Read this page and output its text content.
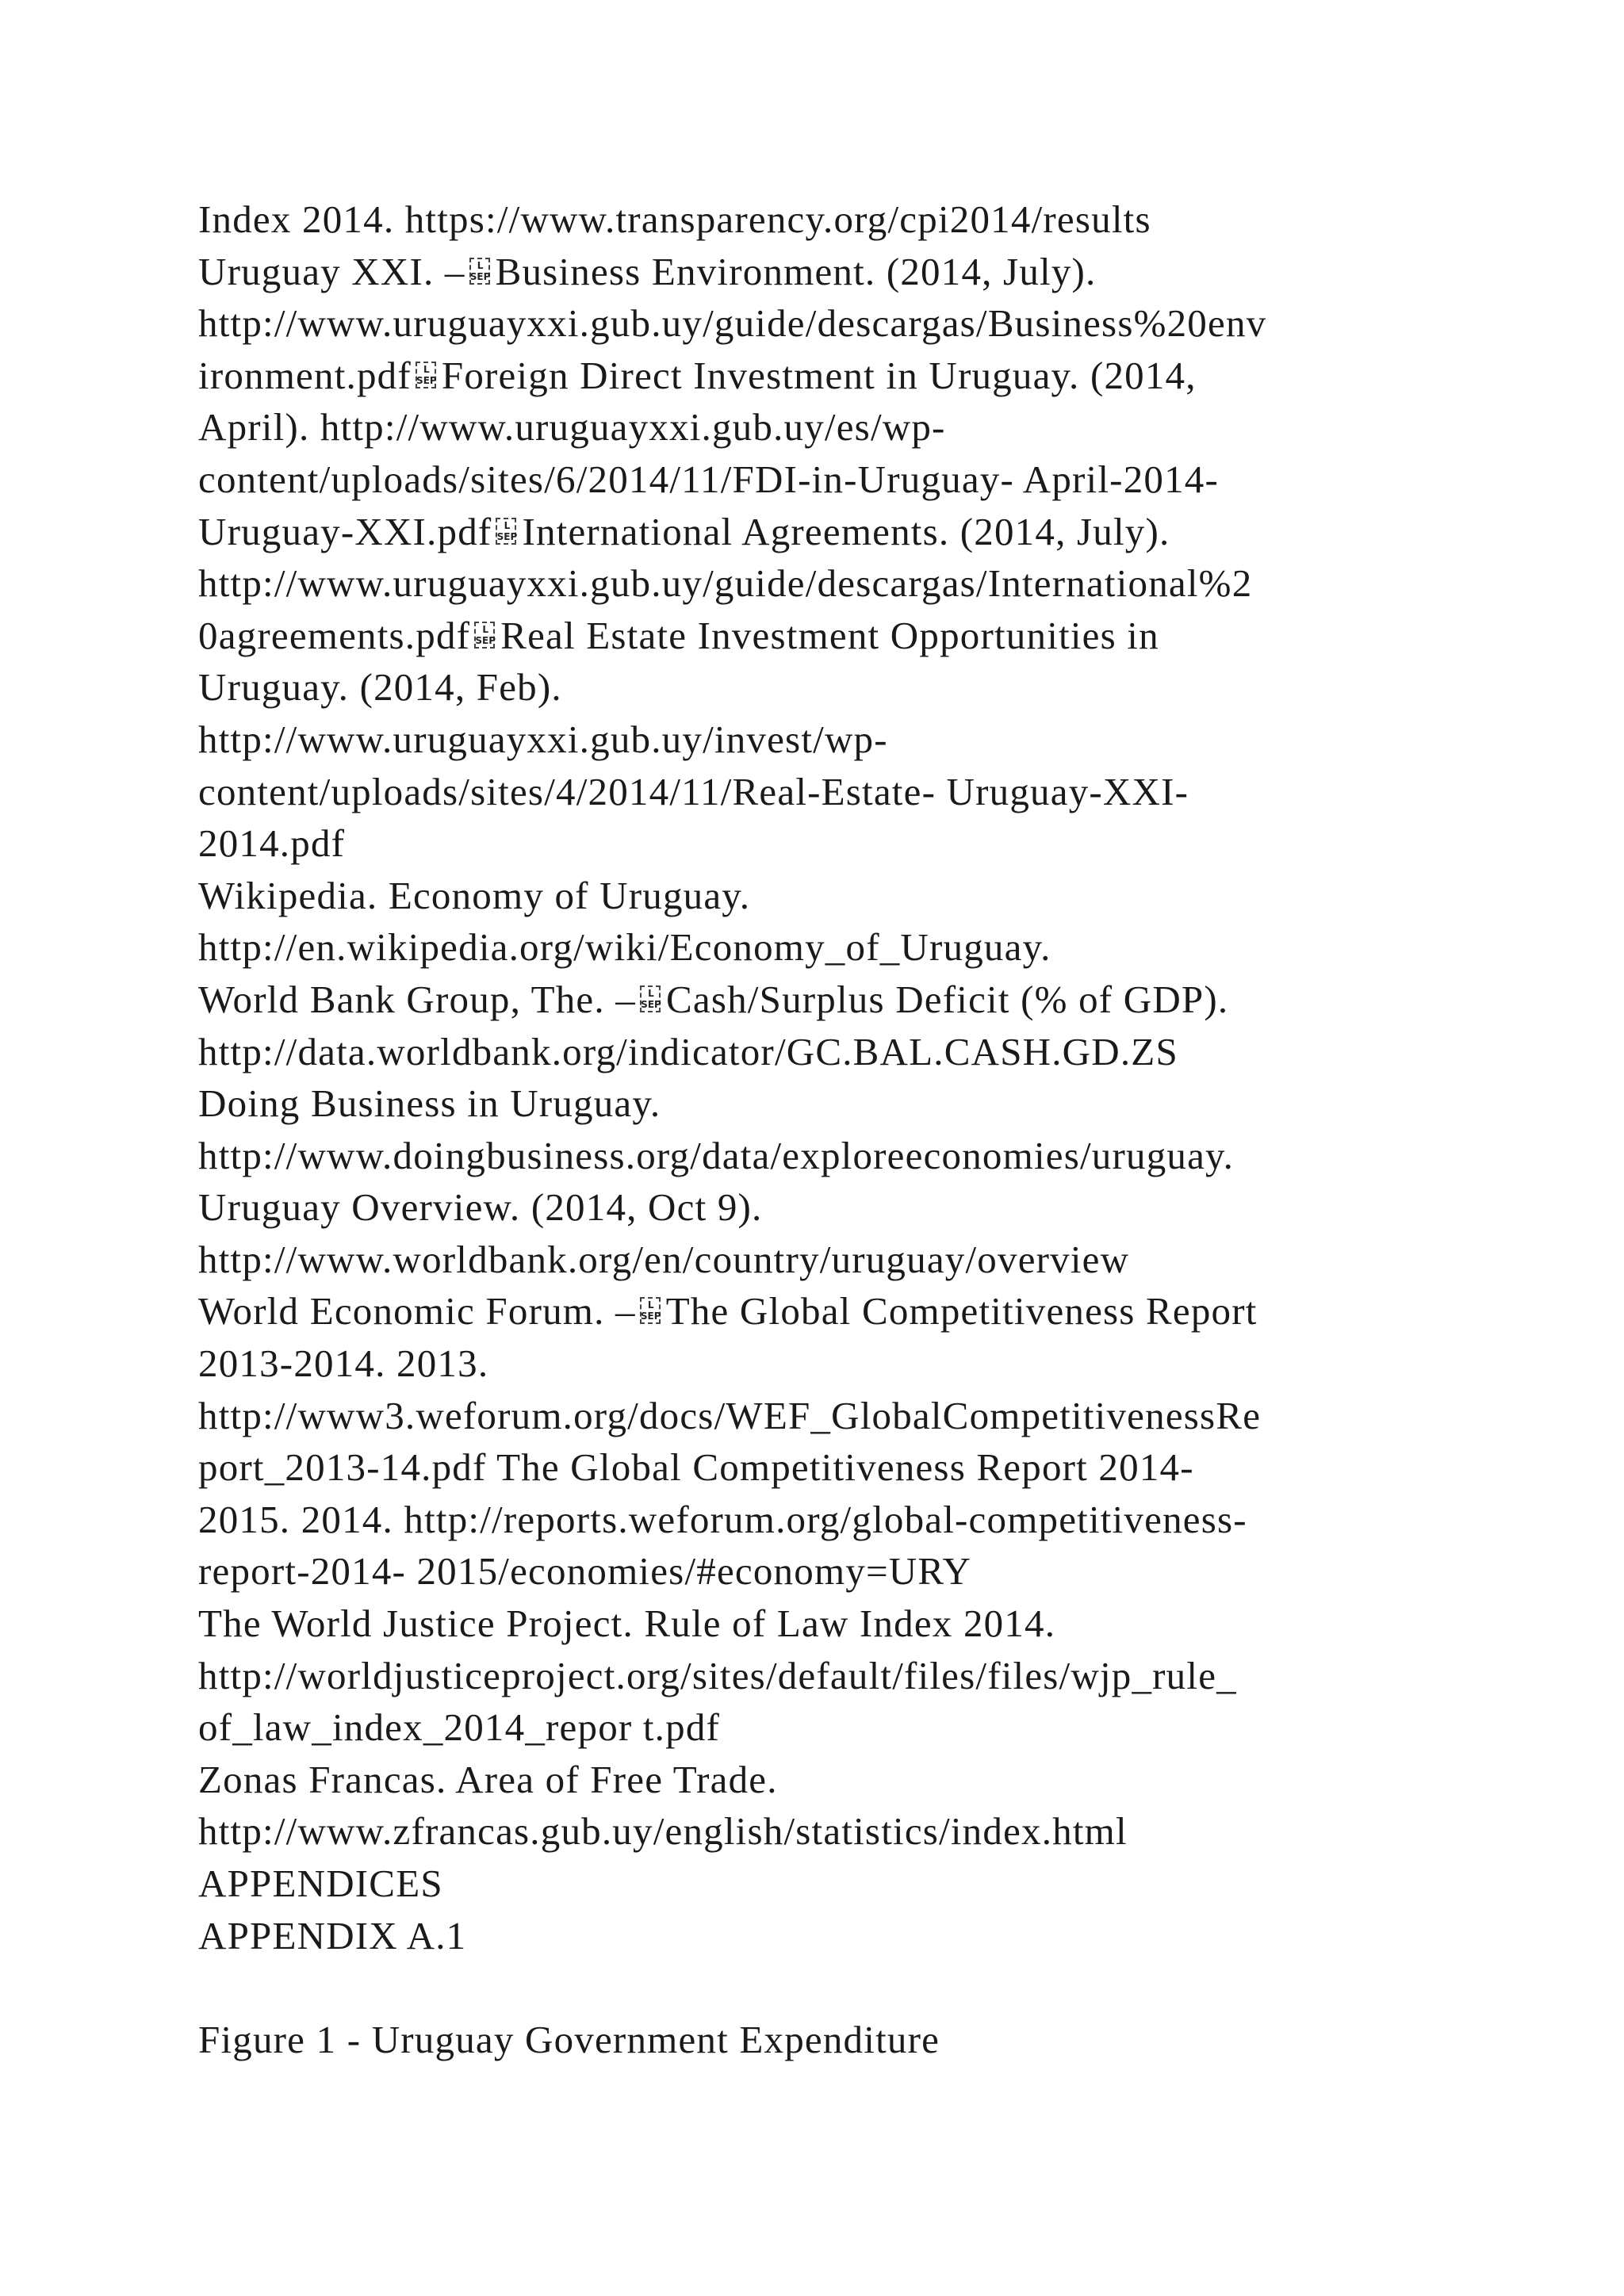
Index 2014. https://www.transparency.org/cpi2014/results
Uruguay XXI. –	L
SEP Business Environment. (2014, July).
http://www.uruguayxxi.gub.uy/guide/descargas/Business%20env
ironment.pdf	L
SEP Foreign Direct Investment in Uruguay. (2014,
April). http://www.uruguayxxi.gub.uy/es/wp-
content/uploads/sites/6/2014/11/FDI-in-Uruguay- April-2014-
Uruguay-XXI.pdf	L
SEP International Agreements. (2014, July).
http://www.uruguayxxi.gub.uy/guide/descargas/International%2
0agreements.pdf	L
SEP Real Estate Investment Opportunities in
Uruguay. (2014, Feb).
http://www.uruguayxxi.gub.uy/invest/wp-
content/uploads/sites/4/2014/11/Real-Estate- Uruguay-XXI-
2014.pdf
Wikipedia. Economy of Uruguay.
http://en.wikipedia.org/wiki/Economy_of_Uruguay.
World Bank Group, The. –	L
SEP Cash/Surplus Deficit (% of GDP).
http://data.worldbank.org/indicator/GC.BAL.CASH.GD.ZS
Doing Business in Uruguay.
http://www.doingbusiness.org/data/exploreeconomies/uruguay.
Uruguay Overview. (2014, Oct 9).
http://www.worldbank.org/en/country/uruguay/overview
World Economic Forum. –	L
SEP The Global Competitiveness Report
2013-2014. 2013.
http://www3.weforum.org/docs/WEF_GlobalCompetitivenessRe
port_2013-14.pdf The Global Competitiveness Report 2014-
2015. 2014. http://reports.weforum.org/global-competitiveness-
report-2014- 2015/economies/#economy=URY
The World Justice Project. Rule of Law Index 2014.
http://worldjusticeproject.org/sites/default/files/files/wjp_rule_
of_law_index_2014_repor t.pdf
Zonas Francas. Area of Free Trade.
http://www.zfrancas.gub.uy/english/statistics/index.html
APPENDICES
APPENDIX A.1
Figure 1 - Uruguay Government Expenditure
